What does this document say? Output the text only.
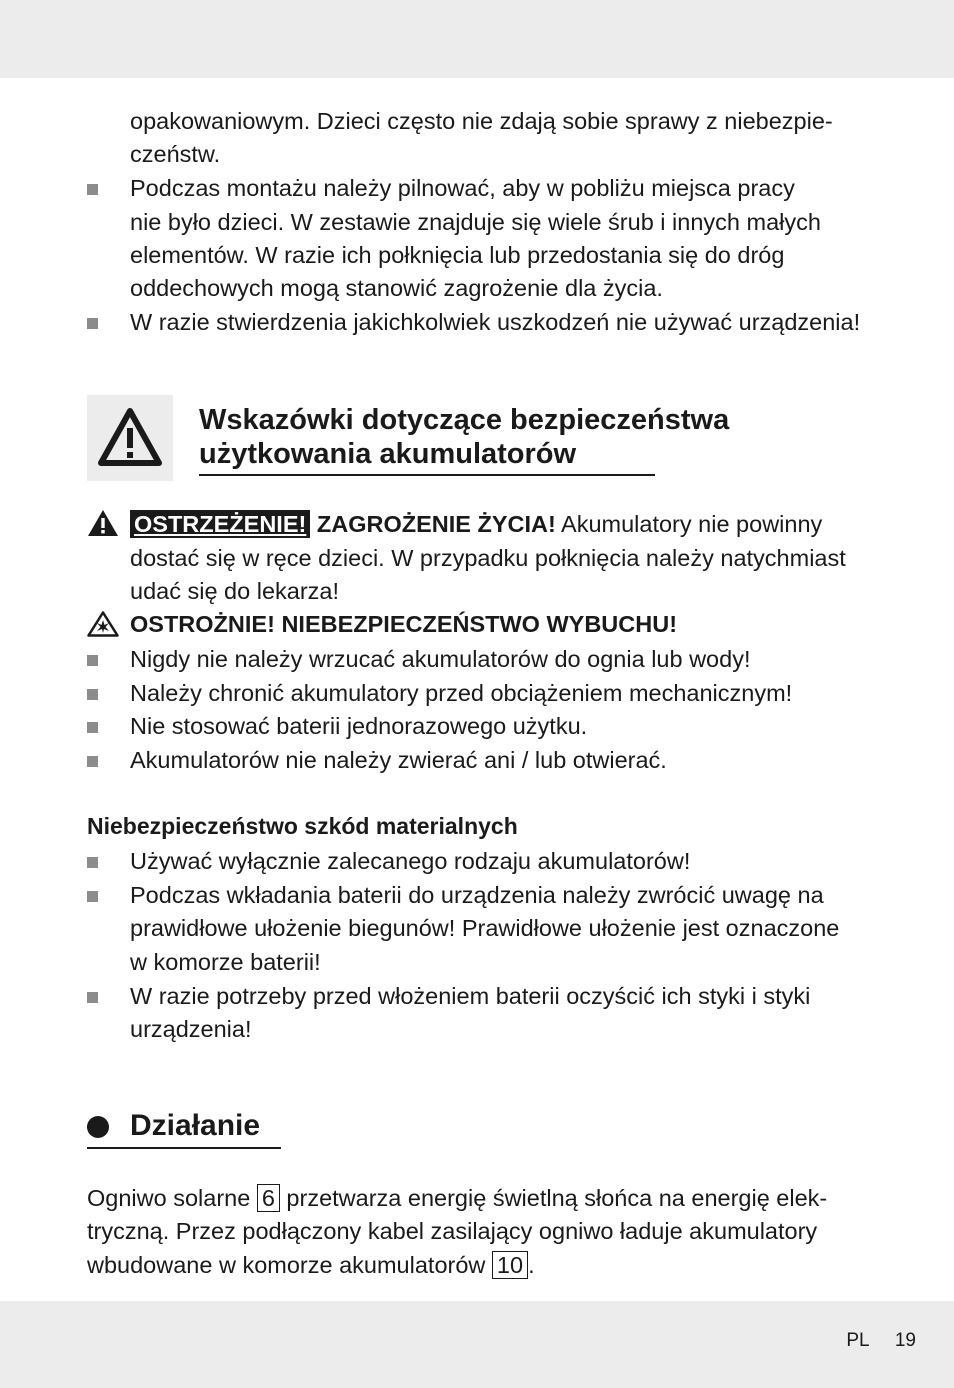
opakowaniowym. Dzieci często nie zdają sobie sprawy z niebezpie-
czeństw.
Podczas montażu należy pilnować, aby w pobliżu miejsca pracy
nie było dzieci. W zestawie znajduje się wiele śrub i innych małych
elementów. W razie ich połknięcia lub przedostania się do dróg
oddechowych mogą stanowić zagrożenie dla życia.
W razie stwierdzenia jakichkolwiek uszkodzeń nie używać urządzenia!
Wskazówki dotyczące bezpieczeństwa
użytkowania akumulatorów
OSTRZEŻENIE! ZAGROŻENIE ŻYCIA! Akumulatory nie powinny
dostać się w ręce dzieci. W przypadku połknięcia należy natychmiast
udać się do lekarza!
OSTROŻNIE! NIEBEZPIECZEŃSTWO WYBUCHU!
Nigdy nie należy wrzucać akumulatorów do ognia lub wody!
Należy chronić akumulatory przed obciążeniem mechanicznym!
Nie stosować baterii jednorazowego użytku.
Akumulatorów nie należy zwierać ani / lub otwierać.
Niebezpieczeństwo szkód materialnych
Używać wyłącznie zalecanego rodzaju akumulatorów!
Podczas wkładania baterii do urządzenia należy zwrócić uwagę na
prawidłowe ułożenie biegunów! Prawidłowe ułożenie jest oznaczone
w komorze baterii!
W razie potrzeby przed włożeniem baterii oczyścić ich styki i styki
urządzenia!
Działanie
Ogniwo solarne 6 przetwarza energię świetlną słońca na energię elek-
tryczną. Przez podłączony kabel zasilający ogniwo ładuje akumulatory
wbudowane w komorze akumulatorów 10 .
PL 19
